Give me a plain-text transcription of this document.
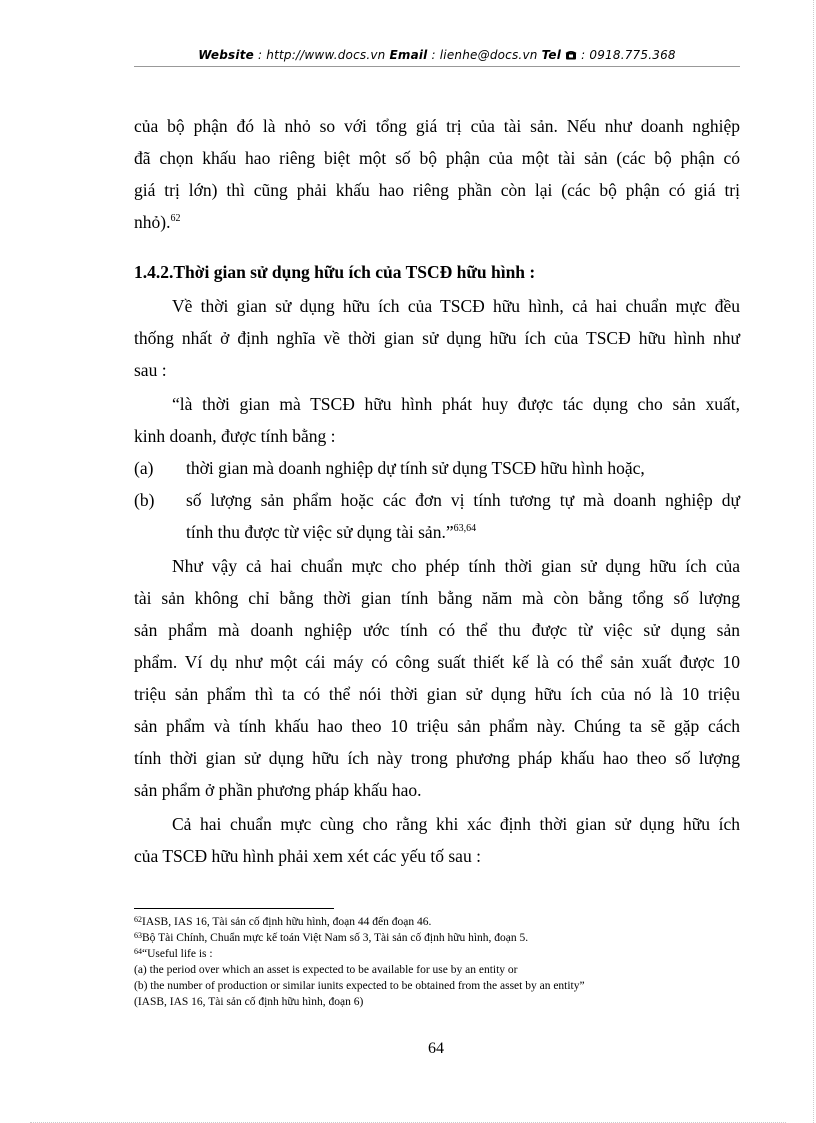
Website : http://www.docs.vn Email : lienhe@docs.vn Tel : 0918.775.368
của bộ phận đó là nhỏ so với tổng giá trị của tài sản. Nếu như doanh nghiệp
đã chọn khấu hao riêng biệt một số bộ phận của một tài sản (các bộ phận có
giá trị lớn) thì cũng phải khấu hao riêng phần còn lại (các bộ phận có giá trị
nhỏ).$^{62}$
1.4.2.Thời gian sử dụng hữu ích của TSCĐ hữu hình :
Về thời gian sử dụng hữu ích của TSCĐ hữu hình, cả hai chuẩn mực đều
thống nhất ở định nghĩa về thời gian sử dụng hữu ích của TSCĐ hữu hình như
sau :
“là thời gian mà TSCĐ hữu hình phát huy được tác dụng cho sản xuất,
kinh doanh, được tính bằng :
(a) thời gian mà doanh nghiệp dự tính sử dụng TSCĐ hữu hình hoặc,
(b) số lượng sản phẩm hoặc các đơn vị tính tương tự mà doanh nghiệp dự
tính thu được từ việc sử dụng tài sản.”$^{63,64}$
Như vậy cả hai chuẩn mực cho phép tính thời gian sử dụng hữu ích của
tài sản không chỉ bằng thời gian tính bằng năm mà còn bằng tổng số lượng
sản phẩm mà doanh nghiệp ước tính có thể thu được từ việc sử dụng sản
phẩm. Ví dụ như một cái máy có công suất thiết kế là có thể sản xuất được 10
triệu sản phẩm thì ta có thể nói thời gian sử dụng hữu ích của nó là 10 triệu
sản phẩm và tính khấu hao theo 10 triệu sản phẩm này. Chúng ta sẽ gặp cách
tính thời gian sử dụng hữu ích này trong phương pháp khấu hao theo số lượng
sản phẩm ở phần phương pháp khấu hao.
Cả hai chuẩn mực cùng cho rằng khi xác định thời gian sử dụng hữu ích
của TSCĐ hữu hình phải xem xét các yếu tố sau :
$^{62}$IASB, IAS 16, Tài sản cố định hữu hình, đoạn 44 đến đoạn 46.
$^{63}$Bộ Tài Chính, Chuẩn mực kế toán Việt Nam số 3, Tài sản cố định hữu hình, đoạn 5.
$^{64}$“Useful life is :
(a) the period over which an asset is expected to be available for use by an entity or
(b) the number of production or similar iunits expected to be obtained from the asset by an entity”
(IASB, IAS 16, Tài sản cố định hữu hình, đoạn 6)
64
